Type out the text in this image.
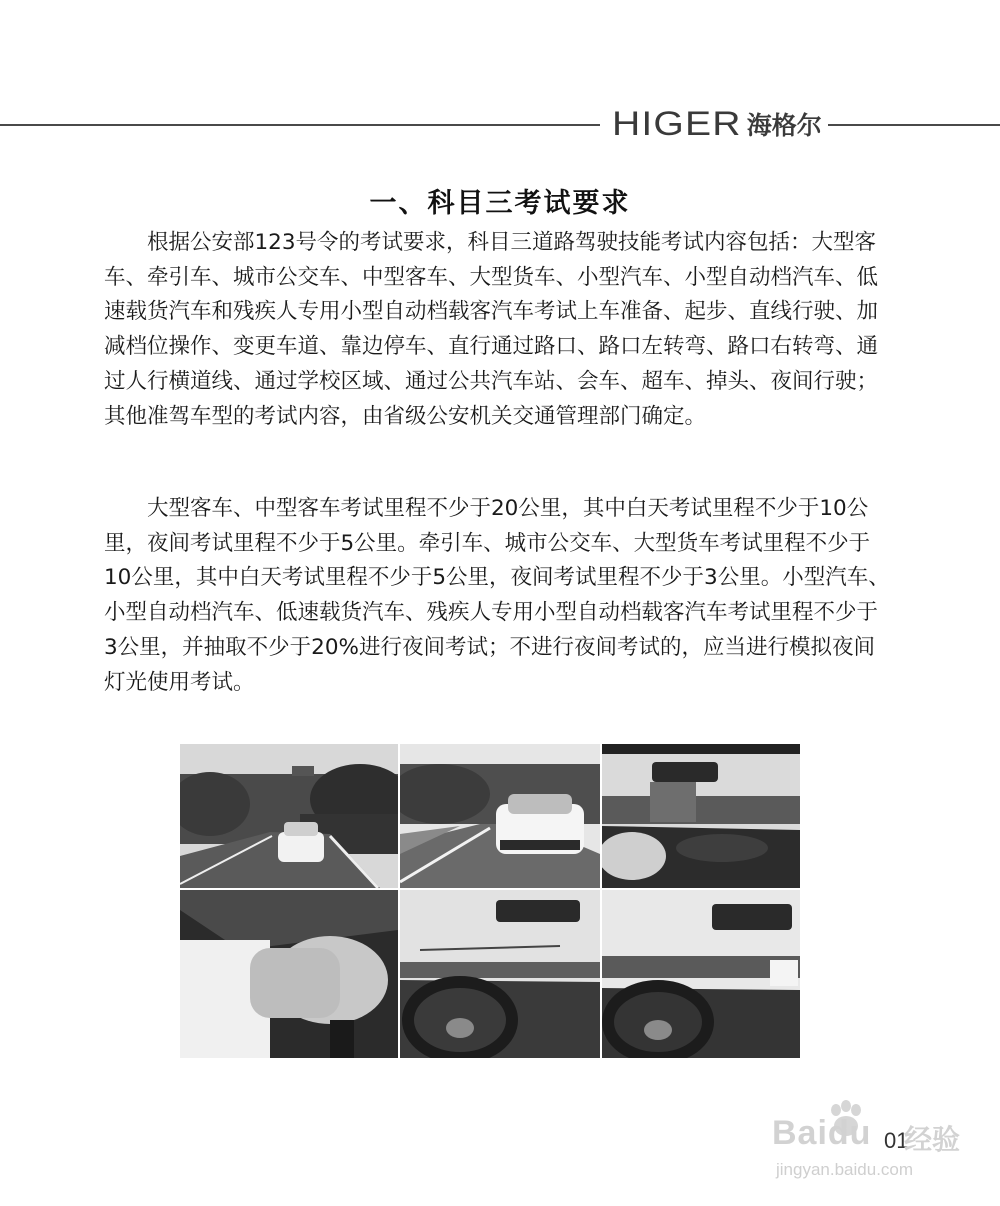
HIGER 海格尔
一、科目三考试要求

根据公安部123号令的考试要求，科目三道路驾驶技能考试内容包括：大型客车、牵引车、城市公交车、中型客车、大型货车、小型汽车、小型自动档汽车、低速载货汽车和残疾人专用小型自动档载客汽车考试上车准备、起步、直线行驶、加减档位操作、变更车道、靠边停车、直行通过路口、路口左转弯、路口右转弯、通过人行横道线、通过学校区域、通过公共汽车站、会车、超车、掉头、夜间行驶；其他准驾车型的考试内容，由省级公安机关交通管理部门确定。

大型客车、中型客车考试里程不少于20公里，其中白天考试里程不少于10公里，夜间考试里程不少于5公里。牵引车、城市公交车、大型货车考试里程不少于10公里，其中白天考试里程不少于5公里，夜间考试里程不少于3公里。小型汽车、小型自动档汽车、低速载货汽车、残疾人专用小型自动档载客汽车考试里程不少于3公里，并抽取不少于20%进行夜间考试；不进行夜间考试的，应当进行模拟夜间灯光使用考试。

Baidu 01
经验
jingyan.baidu.com
